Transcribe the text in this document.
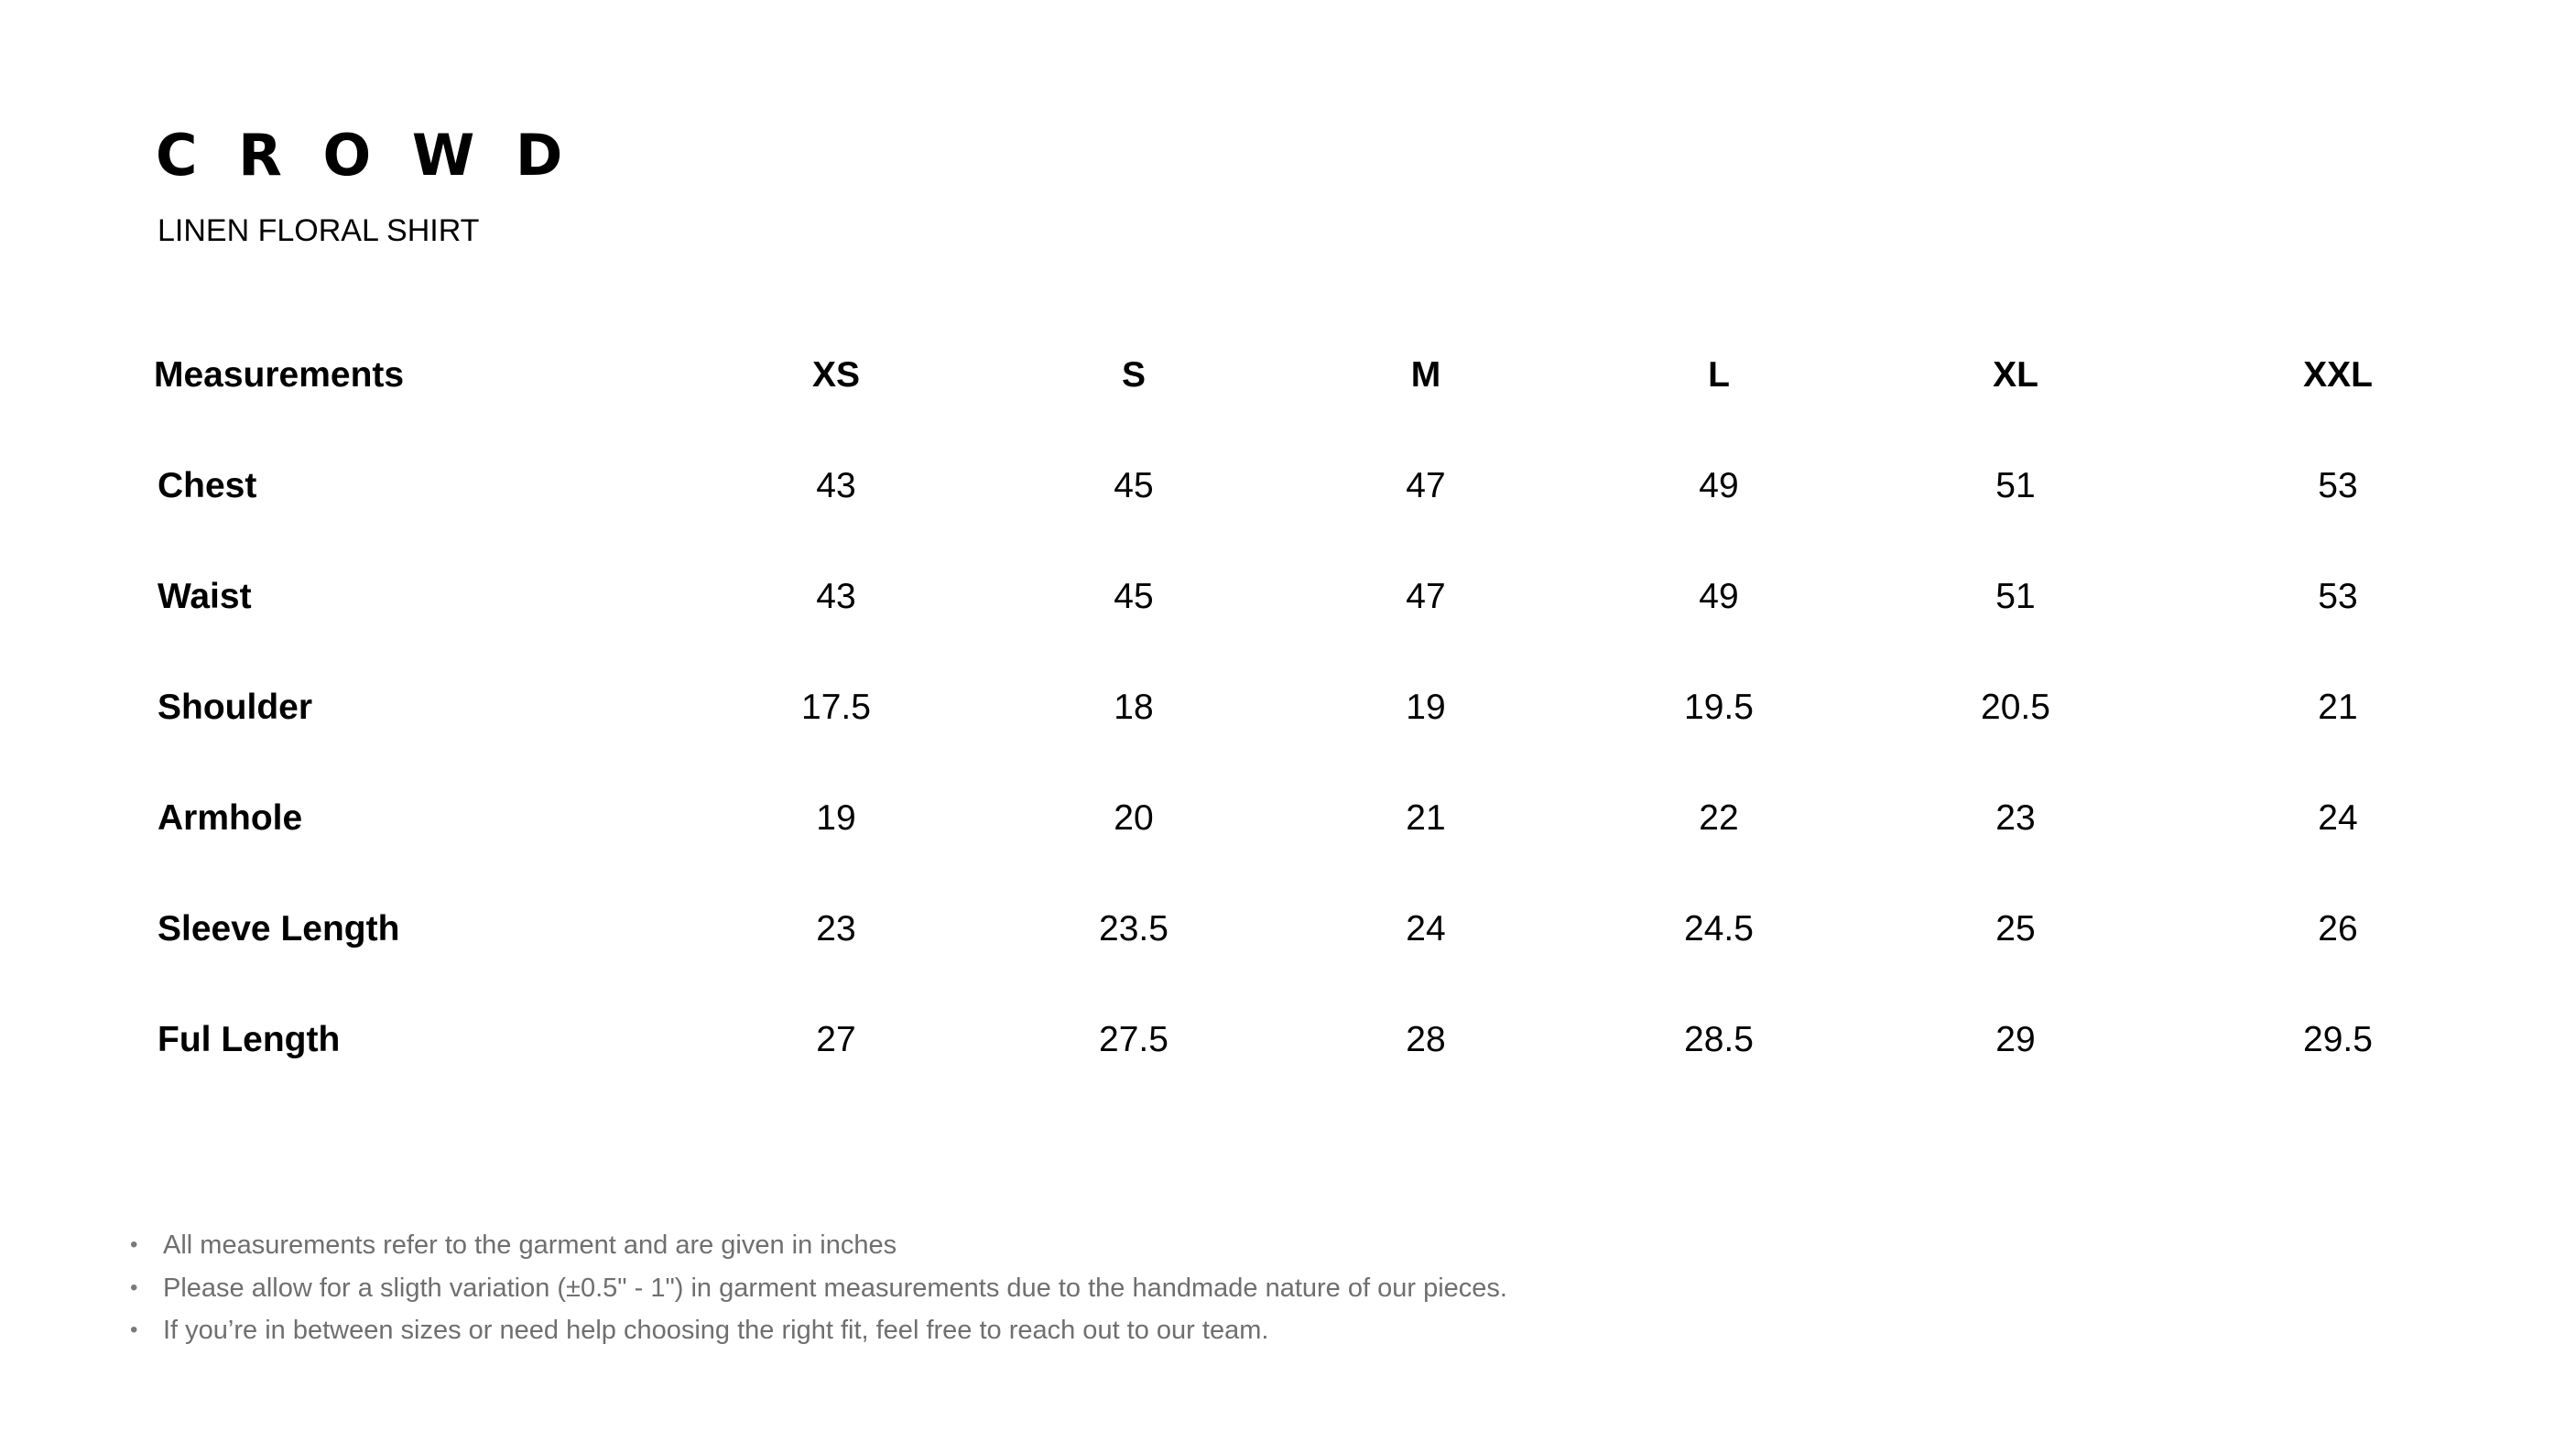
CROWD
LINEN FLORAL SHIRT
Measurements	XS	S	M	L	XL	XXL
Chest	43	45	47	49	51	53
Waist	43	45	47	49	51	53
Shoulder	17.5	18	19	19.5	20.5	21
Armhole	19	20	21	22	23	24
Sleeve Length	23	23.5	24	24.5	25	26
Ful Length	27	27.5	28	28.5	29	29.5
• All measurements refer to the garment and are given in inches
• Please allow for a sligth variation (±0.5" - 1") in garment measurements due to the handmade nature of our pieces.
• If you’re in between sizes or need help choosing the right fit, feel free to reach out to our team.
